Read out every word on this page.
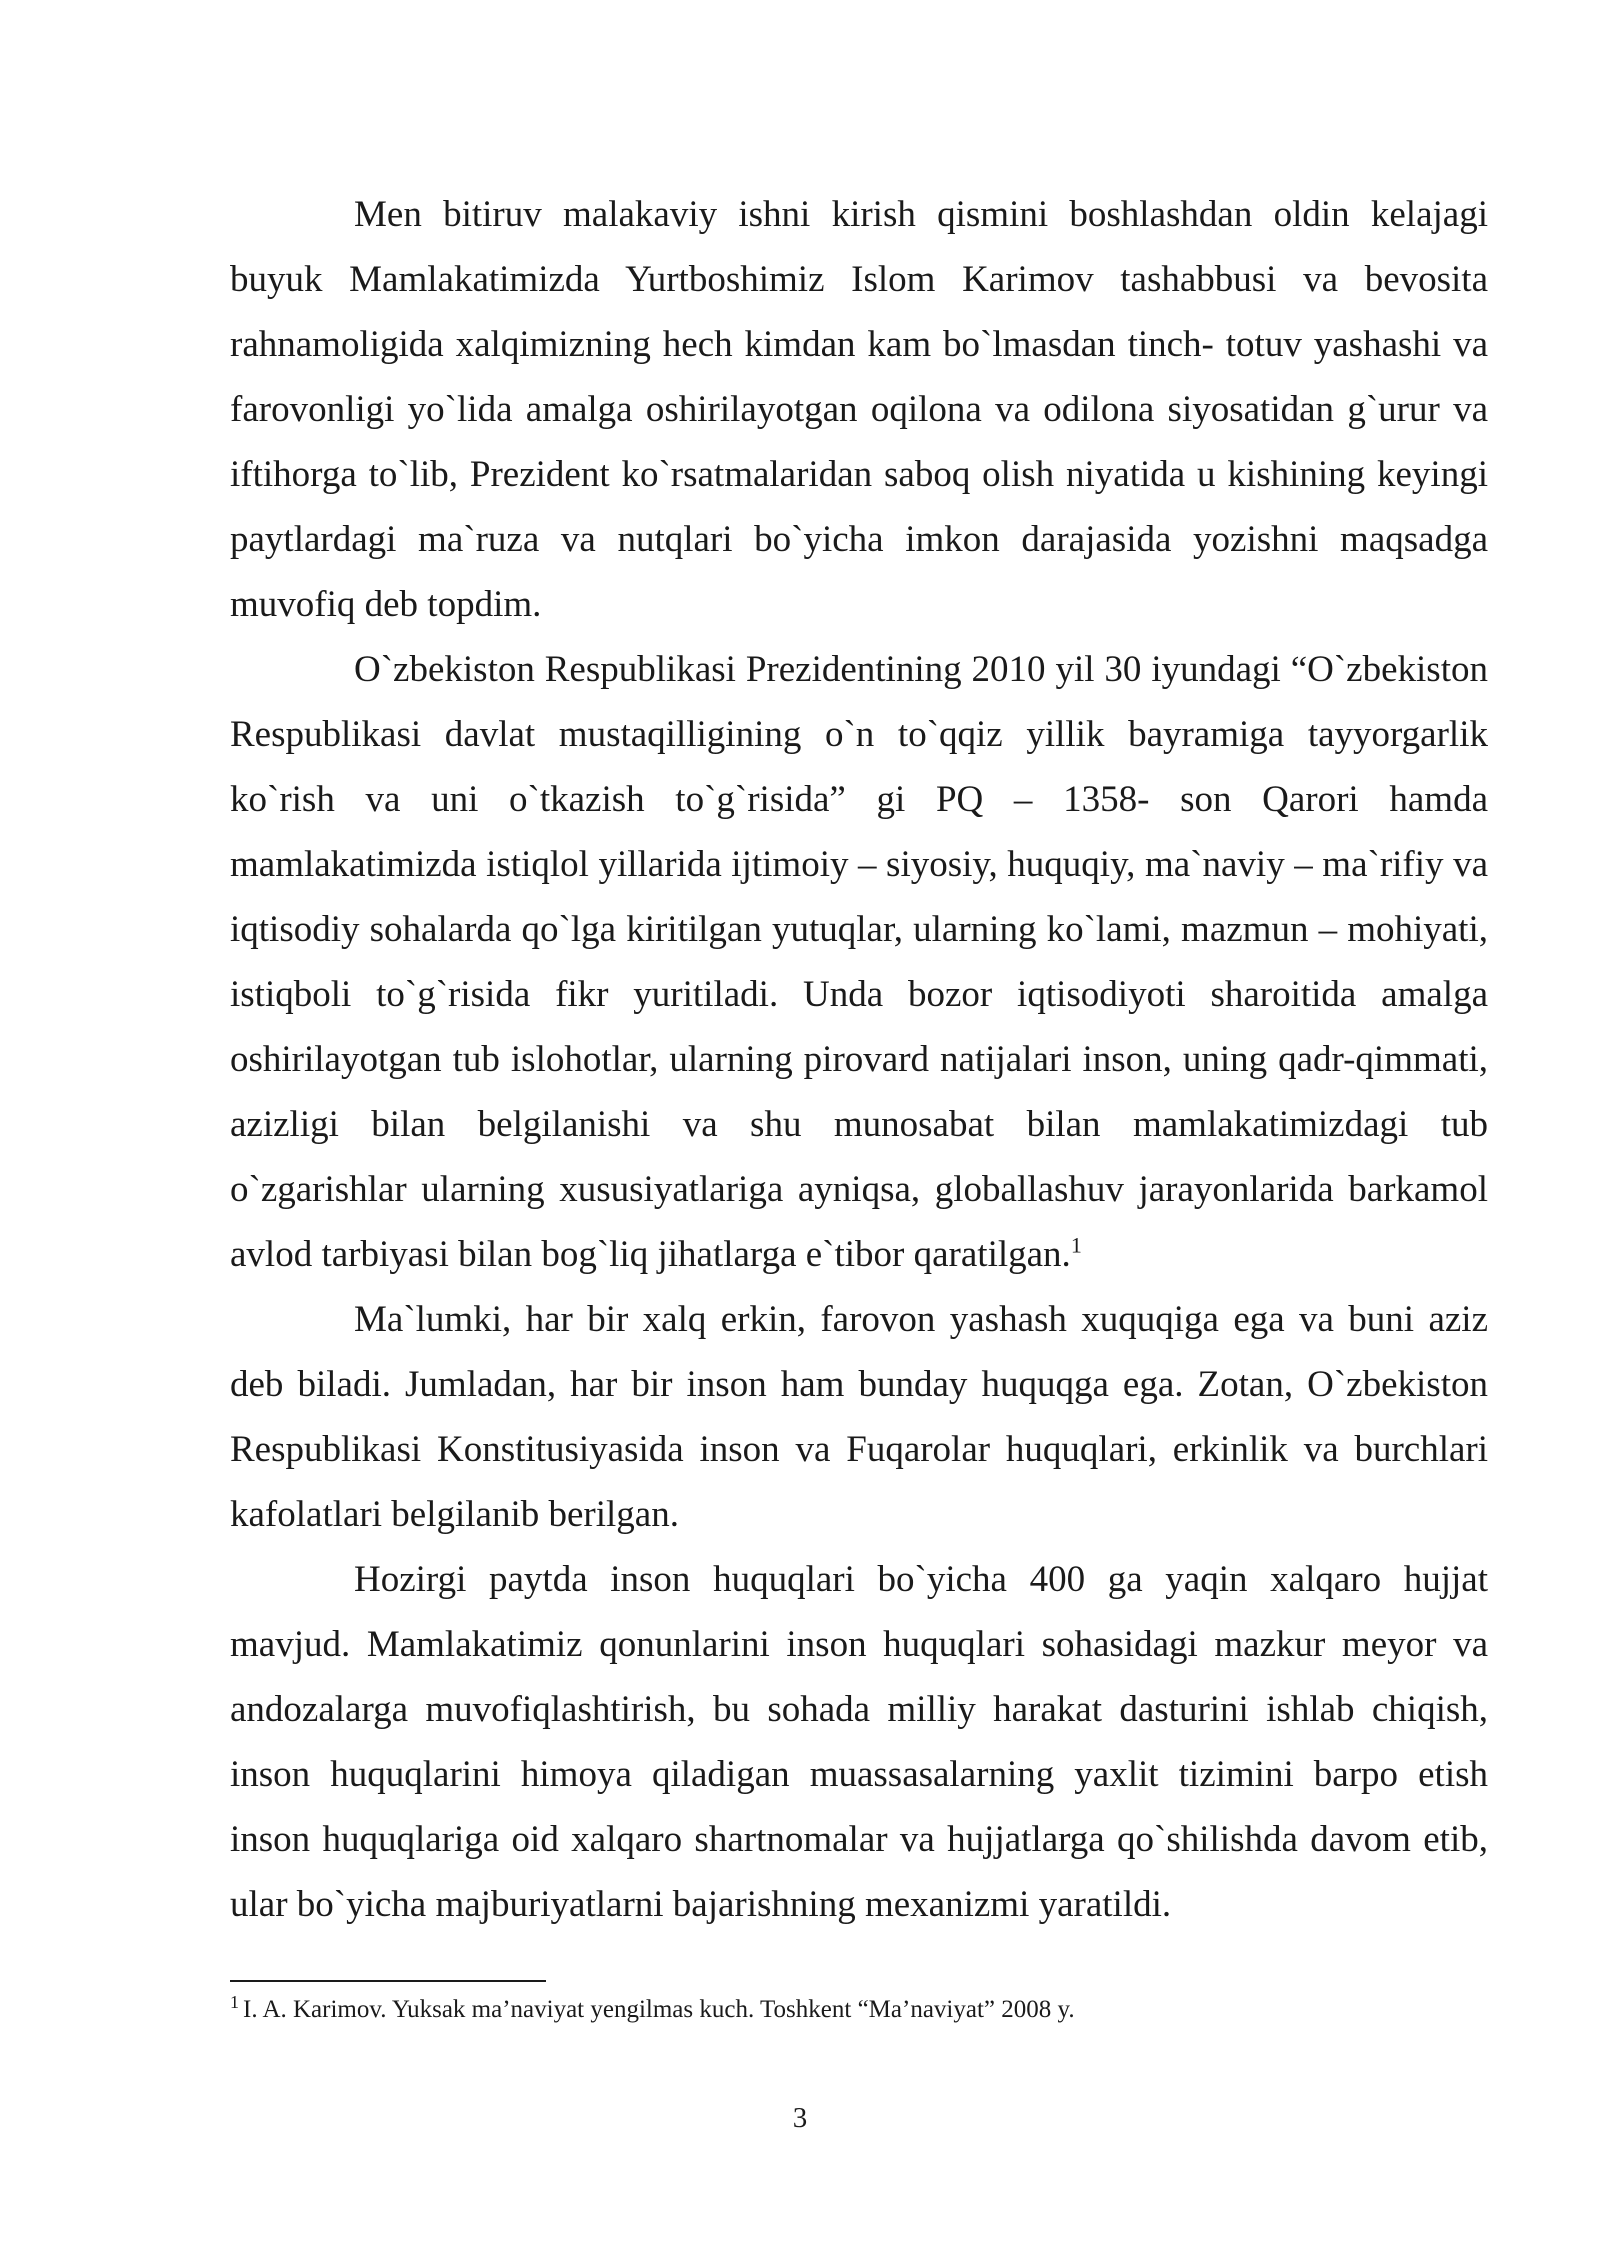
Men bitiruv malakaviy ishni kirish qismini boshlashdan oldin kelajagi buyuk Mamlakatimizda Yurtboshimiz Islom Karimov tashabbusi va bevosita rahnamoligida xalqimizning hech kimdan kam bo`lmasdan tinch- totuv yashashi va farovonligi yo`lida amalga oshirilayotgan oqilona va odilona siyosatidan g`urur va iftihorga to`lib, Prezident ko`rsatmalaridan saboq olish niyatida u kishining keyingi paytlardagi ma`ruza va nutqlari bo`yicha imkon darajasida yozishni maqsadga muvofiq deb topdim.

O`zbekiston Respublikasi Prezidentining 2010 yil 30 iyundagi “O`zbekiston Respublikasi davlat mustaqilligining o`n to`qqiz yillik bayramiga tayyorgarlik ko`rish va uni o`tkazish to`g`risida” gi PQ – 1358- son Qarori hamda mamlakatimizda istiqlol yillarida ijtimoiy – siyosiy, huquqiy, ma`naviy – ma`rifiy va iqtisodiy sohalarda qo`lga kiritilgan yutuqlar, ularning ko`lami, mazmun – mohiyati, istiqboli to`g`risida fikr yuritiladi. Unda bozor iqtisodiyoti sharoitida amalga oshirilayotgan tub islohotlar, ularning pirovard natijalari inson, uning qadr-qimmati, azizligi bilan belgilanishi va shu munosabat bilan mamlakatimizdagi tub o`zgarishlar ularning xususiyatlariga ayniqsa, globallashuv jarayonlarida barkamol avlod tarbiyasi bilan bog`liq jihatlarga e`tibor qaratilgan.$^1$

Ma`lumki, har bir xalq erkin, farovon yashash xuquqiga ega va buni aziz deb biladi. Jumladan, har bir inson ham bunday huquqga ega. Zotan, O`zbekiston Respublikasi Konstitusiyasida inson va Fuqarolar huquqlari, erkinlik va burchlari kafolatlari belgilanib berilgan.

Hozirgi paytda inson huquqlari bo`yicha 400 ga yaqin xalqaro hujjat mavjud. Mamlakatimiz qonunlarini inson huquqlari sohasidagi mazkur meyor va andozalarga muvofiqlashtirish, bu sohada milliy harakat dasturini ishlab chiqish, inson huquqlarini himoya qiladigan muassasalarning yaxlit tizimini barpo etish inson huquqlariga oid xalqaro shartnomalar va hujjatlarga qo`shilishda davom etib, ular bo`yicha majburiyatlarni bajarishning mexanizmi yaratildi.

$^1$ I. A. Karimov. Yuksak ma’naviyat yengilmas kuch. Toshkent “Ma’naviyat” 2008 y.
3
